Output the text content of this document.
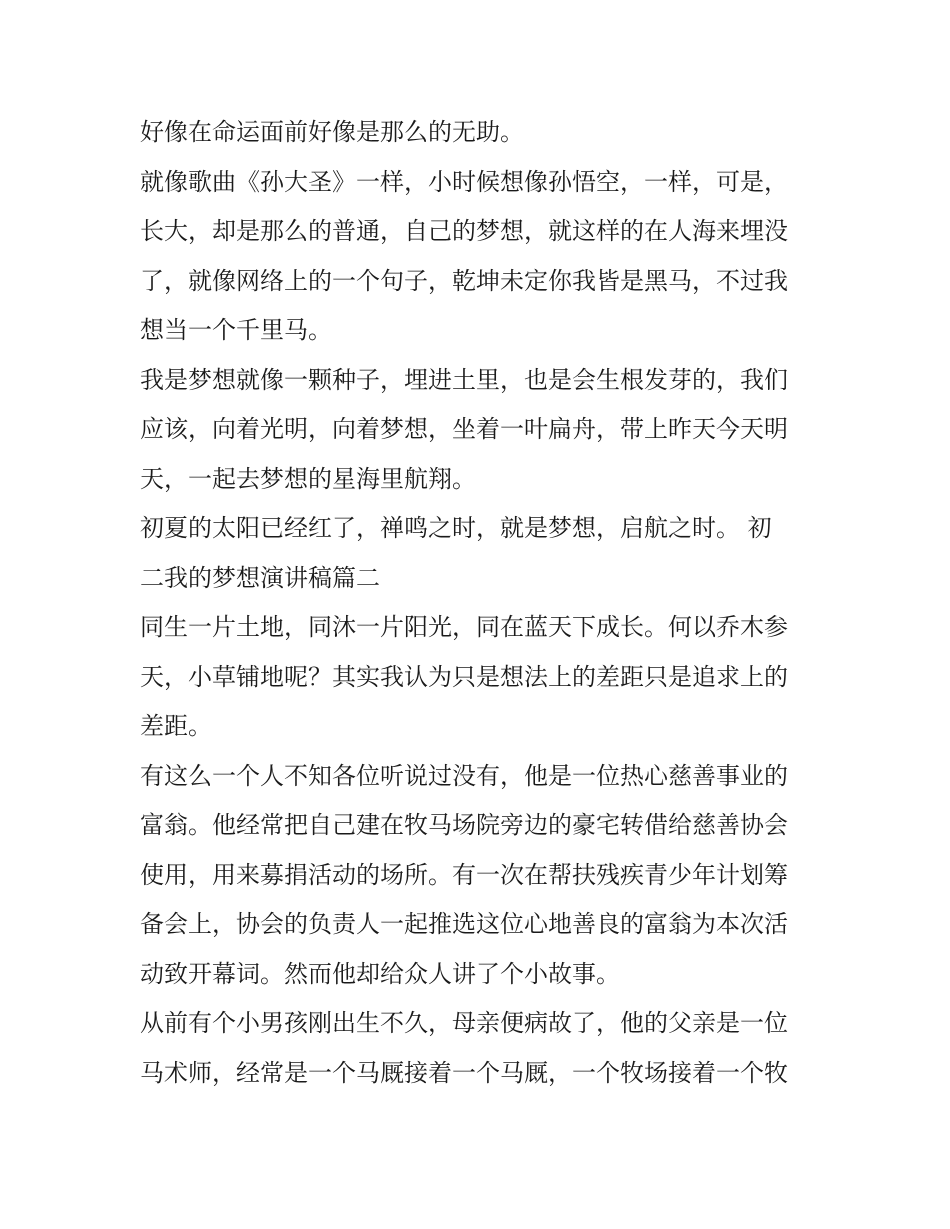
好像在命运面前好像是那么的无助。

就像歌曲《孙大圣》一样，小时候想像孙悟空，一样，可是，
长大，却是那么的普通，自己的梦想，就这样的在人海来埋没
了，就像网络上的一个句子，乾坤未定你我皆是黑马，不过我
想当一个千里马。

我是梦想就像一颗种子，埋进土里，也是会生根发芽的，我们
应该，向着光明，向着梦想，坐着一叶扁舟，带上昨天今天明
天，一起去梦想的星海里航翔。

初夏的太阳已经红了，禅鸣之时，就是梦想，启航之时。 初
二我的梦想演讲稿篇二

同生一片土地，同沐一片阳光，同在蓝天下成长。何以乔木参
天，小草铺地呢？其实我认为只是想法上的差距只是追求上的
差距。

有这么一个人不知各位听说过没有，他是一位热心慈善事业的
富翁。他经常把自己建在牧马场院旁边的豪宅转借给慈善协会
使用，用来募捐活动的场所。有一次在帮扶残疾青少年计划筹
备会上，协会的负责人一起推选这位心地善良的富翁为本次活
动致开幕词。然而他却给众人讲了个小故事。

从前有个小男孩刚出生不久，母亲便病故了，他的父亲是一位
马术师，经常是一个马厩接着一个马厩，一个牧场接着一个牧
